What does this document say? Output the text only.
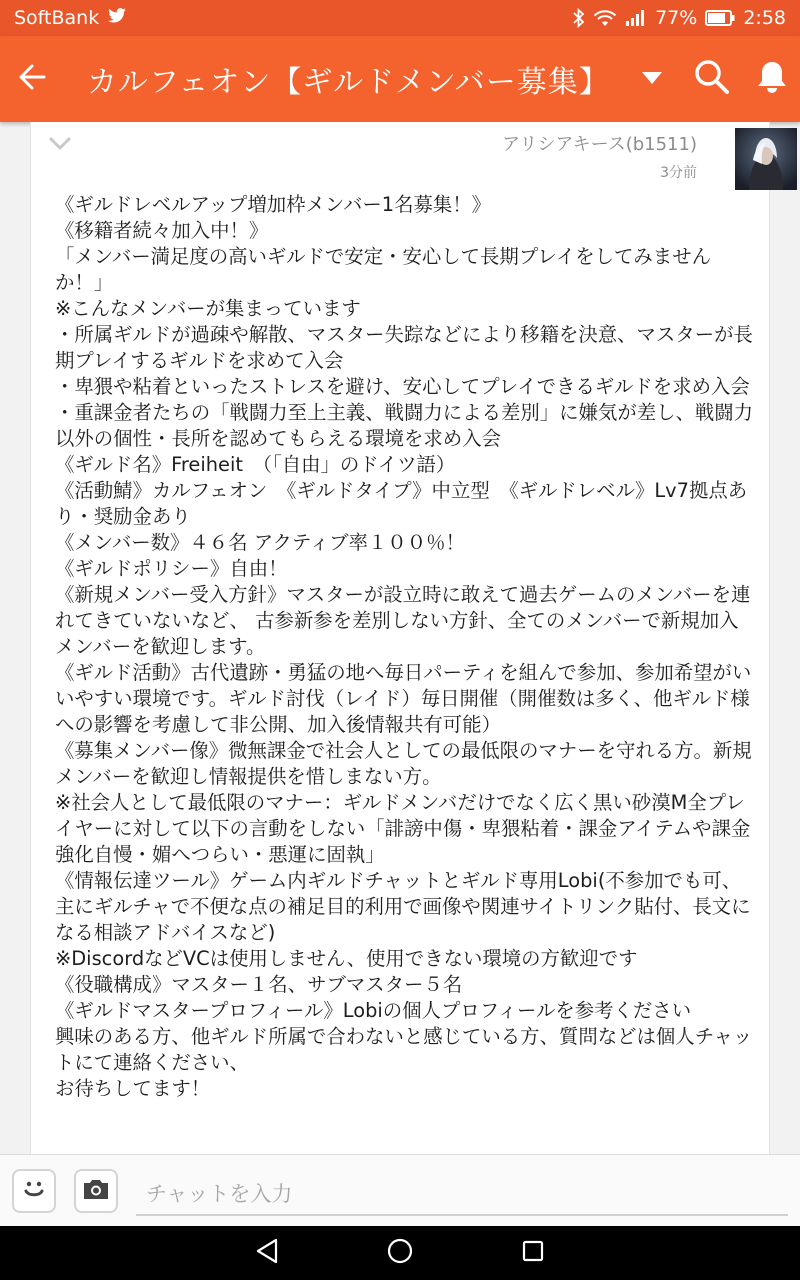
SoftBank	77% 2:58
カルフェオン【ギルドメンバー募集】
アリシアキース(b1511)
3分前
《ギルドレベルアップ増加枠メンバー1名募集！》
《移籍者続々加入中！》
「メンバー満足度の高いギルドで安定・安心して長期プレイをしてみませんか！」
※こんなメンバーが集まっています
・所属ギルドが過疎や解散、マスター失踪などにより移籍を決意、マスターが長期プレイするギルドを求めて入会
・卑猥や粘着といったストレスを避け、安心してプレイできるギルドを求め入会
・重課金者たちの「戦闘力至上主義、戦闘力による差別」に嫌気が差し、戦闘力以外の個性・長所を認めてもらえる環境を求め入会
《ギルド名》Freiheit　（「自由」のドイツ語）
《活動鯖》カルフェオン　《ギルドタイプ》中立型　《ギルドレベル》Lv7拠点あり・奨励金あり
《メンバー数》４６名 アクティブ率１００％！
《ギルドポリシー》自由！
《新規メンバー受入方針》マスターが設立時に敢えて過去ゲームのメンバーを連れてきていないなど、 古参新参を差別しない方針、全てのメンバーで新規加入メンバーを歓迎します。
《ギルド活動》古代遺跡・勇猛の地へ毎日パーティを組んで参加、参加希望がいいやすい環境です。ギルド討伐（レイド）毎日開催（開催数は多く、他ギルド様への影響を考慮して非公開、加入後情報共有可能）
《募集メンバー像》微無課金で社会人としての最低限のマナーを守れる方。新規メンバーを歓迎し情報提供を惜しまない方。
※社会人として最低限のマナー：ギルドメンバだけでなく広く黒い砂漠M全プレイヤーに対して以下の言動をしない「誹謗中傷・卑猥粘着・課金アイテムや課金強化自慢・媚へつらい・悪運に固執」
《情報伝達ツール》ゲーム内ギルドチャットとギルド専用Lobi(不参加でも可、主にギルチャで不便な点の補足目的利用で画像や関連サイトリンク貼付、長文になる相談アドバイスなど)
※DiscordなどVCは使用しません、使用できない環境の方歓迎です
《役職構成》マスター１名、サブマスター５名
《ギルドマスタープロフィール》Lobiの個人プロフィールを参考ください
興味のある方、他ギルド所属で合わないと感じている方、質問などは個人チャットにて連絡ください、
お待ちしてます！
チャットを入力
